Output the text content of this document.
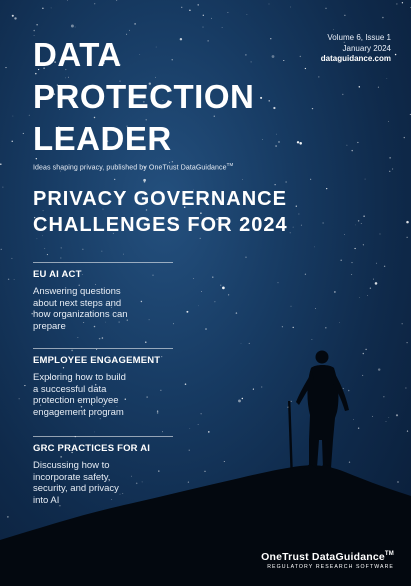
DATA
PROTECTION
LEADER
Volume 6, Issue 1
January 2024
dataguidance.com
Ideas shaping privacy, published by OneTrust DataGuidance™
PRIVACY GOVERNANCE
CHALLENGES FOR 2024
EU AI ACT
Answering questions about next steps and how organizations can prepare
EMPLOYEE ENGAGEMENT
Exploring how to build a successful data protection employee engagement program
GRC PRACTICES FOR AI
Discussing how to incorporate safety, security, and privacy into AI
OneTrust DataGuidance™
REGULATORY RESEARCH SOFTWARE
